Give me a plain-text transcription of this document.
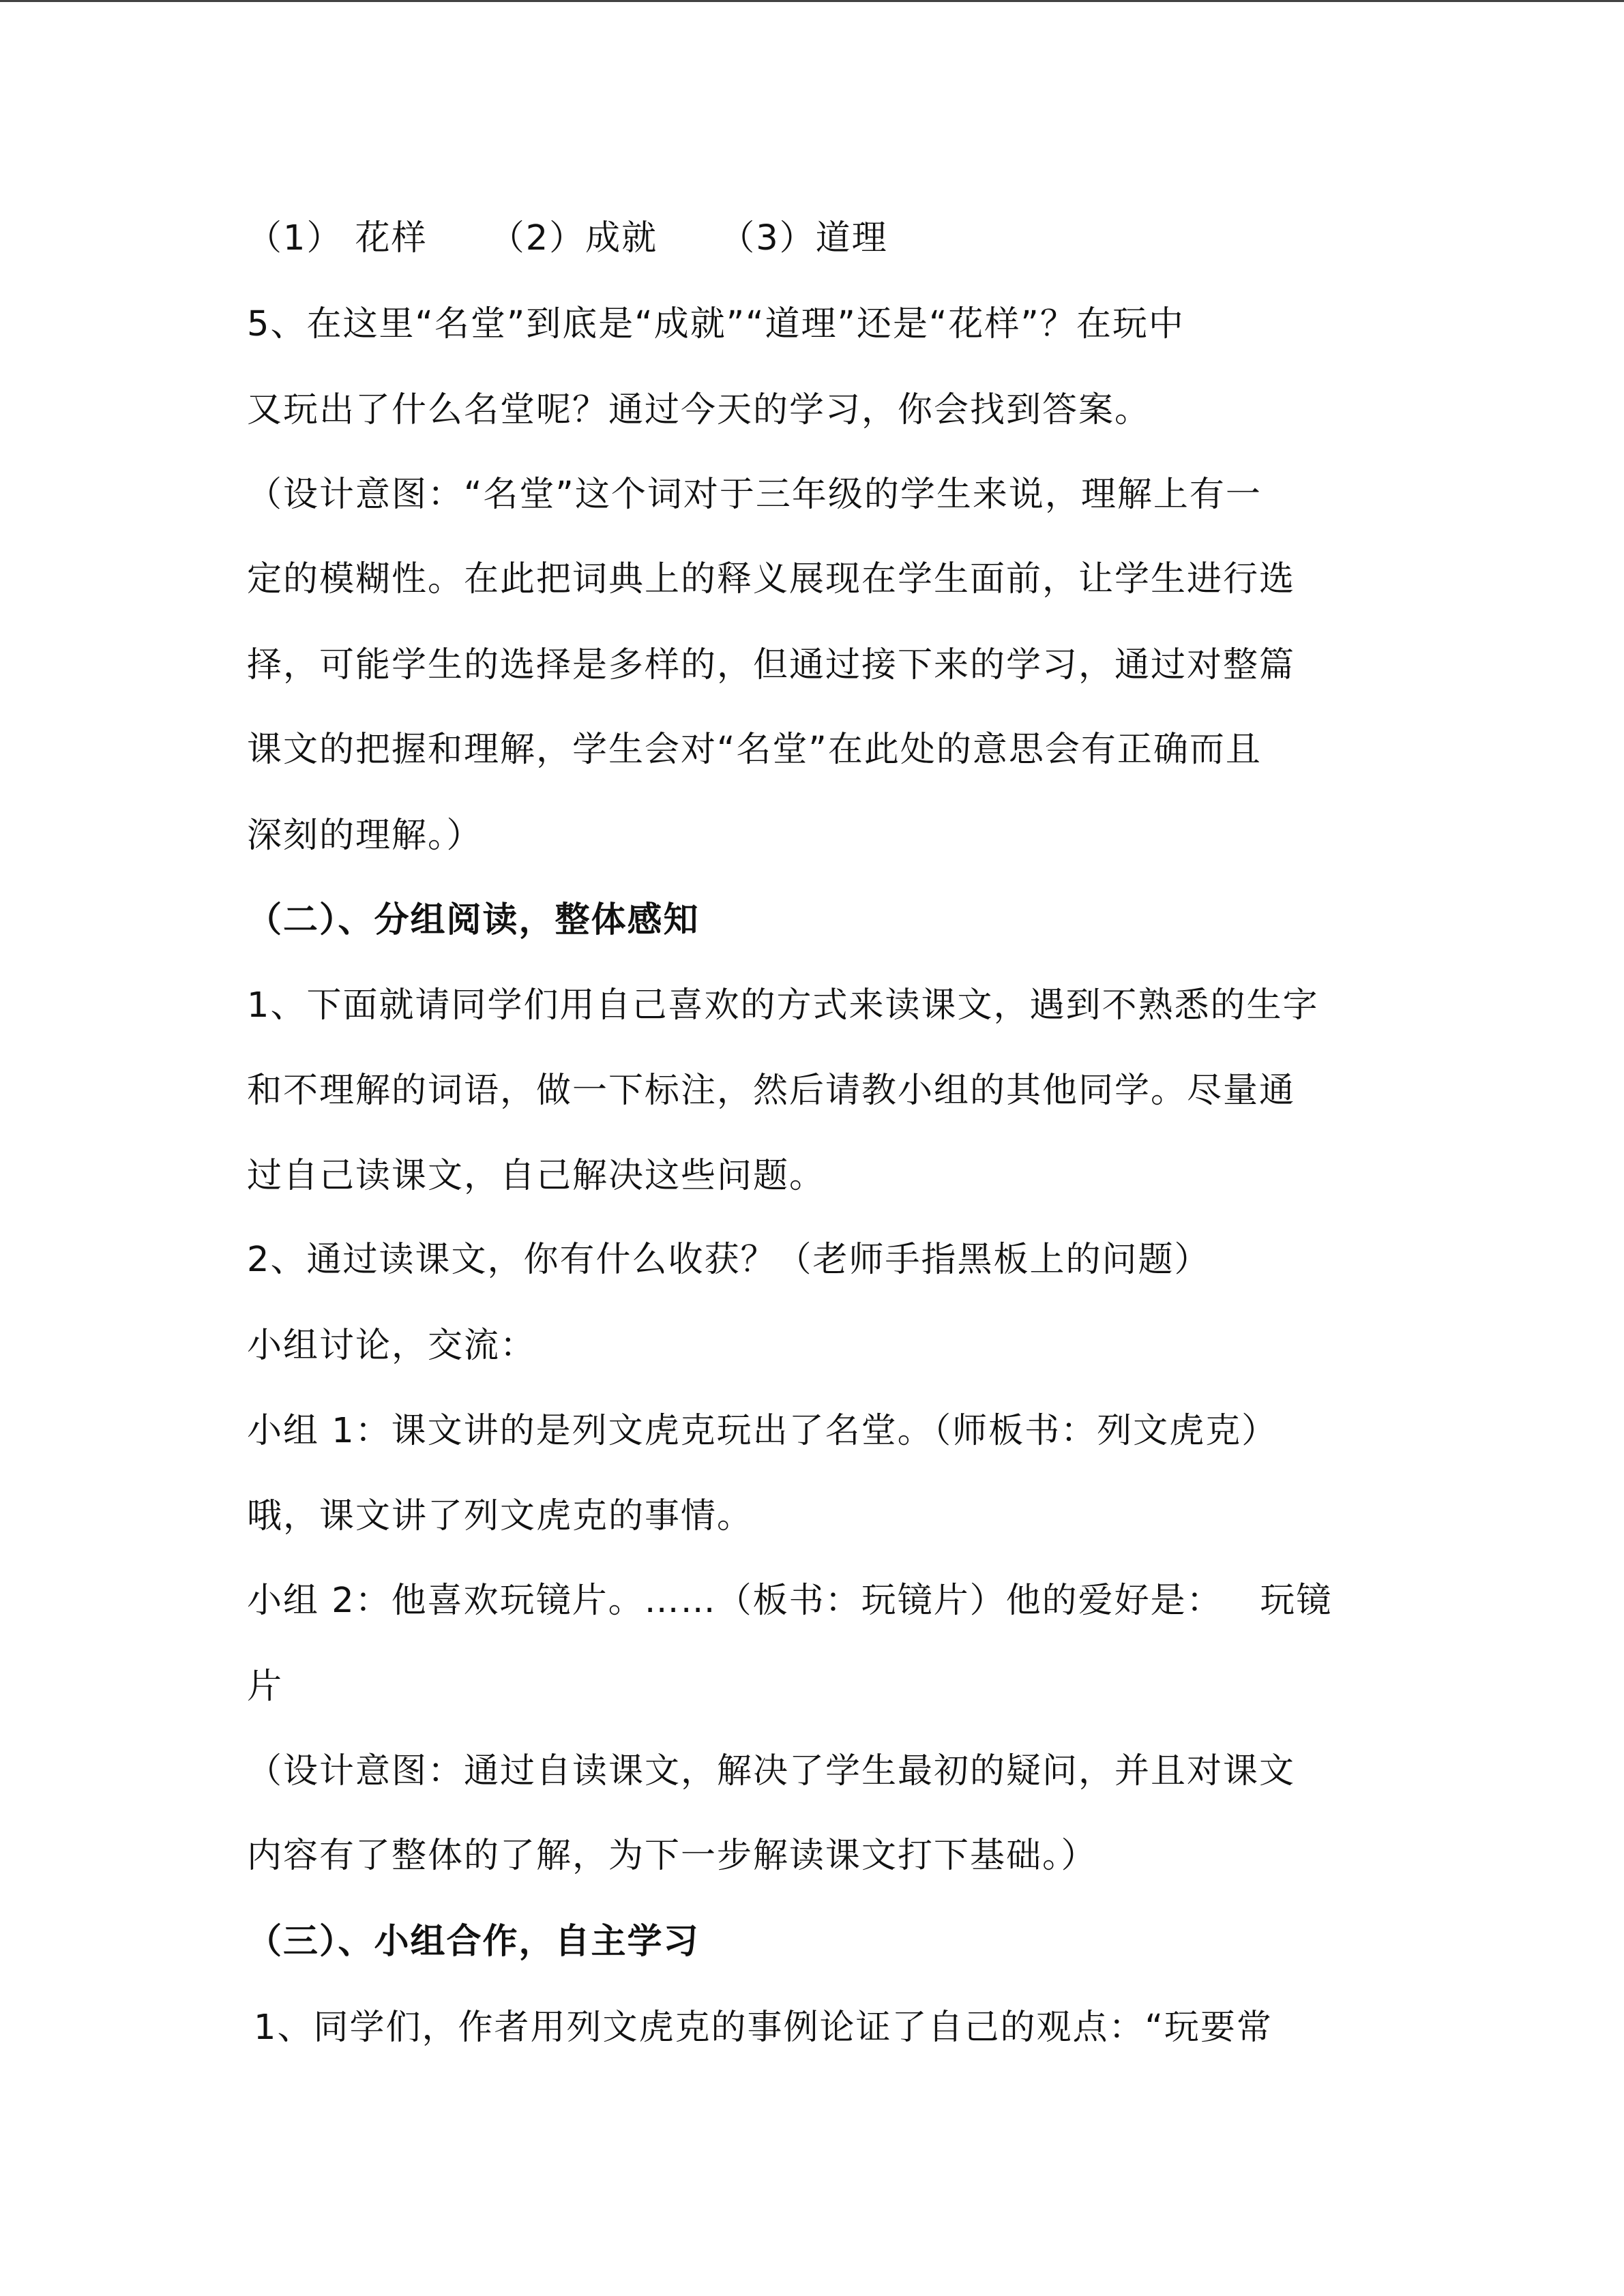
（1） 花样     （2）成就     （3）道理
5、在这里“名堂”到底是“成就”“道理”还是“花样”？在玩中
又玩出了什么名堂呢？通过今天的学习，你会找到答案。
（设计意图：“名堂”这个词对于三年级的学生来说，理解上有一
定的模糊性。在此把词典上的释义展现在学生面前，让学生进行选
择，可能学生的选择是多样的，但通过接下来的学习，通过对整篇
课文的把握和理解，学生会对“名堂”在此处的意思会有正确而且
深刻的理解。）
（二）、分组阅读，整体感知
1、下面就请同学们用自己喜欢的方式来读课文，遇到不熟悉的生字
和不理解的词语，做一下标注，然后请教小组的其他同学。尽量通
过自己读课文，自己解决这些问题。
2、通过读课文，你有什么收获？（老师手指黑板上的问题）
小组讨论，交流：
小组 1：课文讲的是列文虎克玩出了名堂。（师板书：列文虎克）
哦，课文讲了列文虎克的事情。
小组 2：他喜欢玩镜片。……（板书：玩镜片）他的爱好是：   玩镜
片
（设计意图：通过自读课文，解决了学生最初的疑问，并且对课文
内容有了整体的了解，为下一步解读课文打下基础。）
（三）、小组合作，自主学习
1、同学们，作者用列文虎克的事例论证了自己的观点：“玩要常
